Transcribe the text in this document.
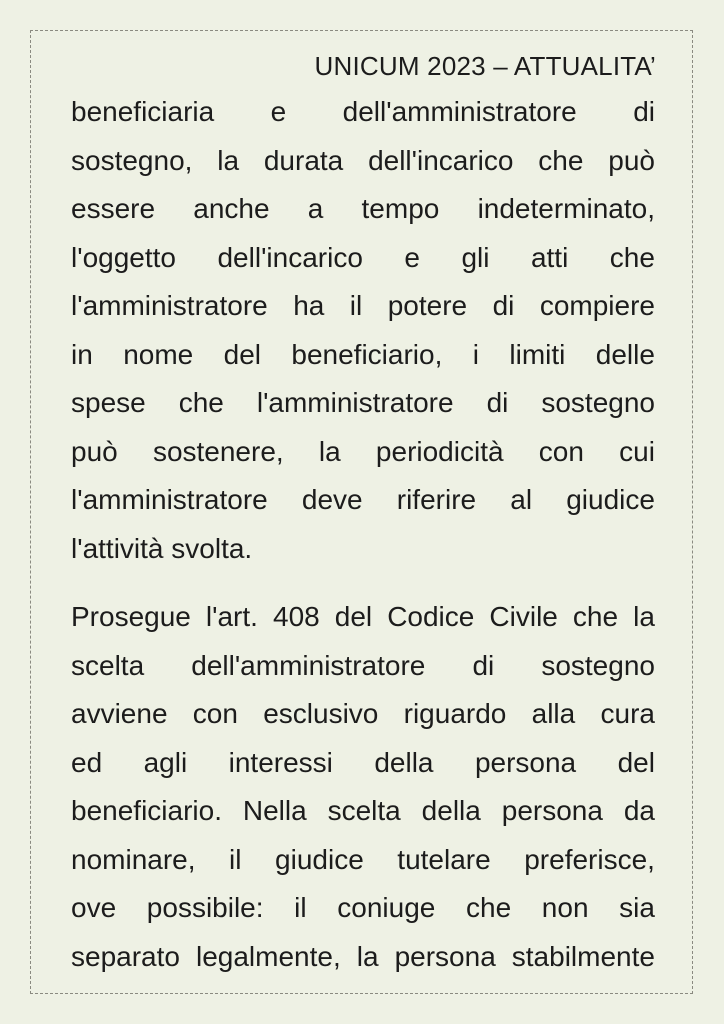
UNICUM 2023 – ATTUALITA’
beneficiaria e dell'amministratore di
sostegno, la durata dell'incarico che può
essere anche a tempo indeterminato,
l'oggetto dell'incarico e gli atti che
l'amministratore ha il potere di compiere
in nome del beneficiario, i limiti delle
spese che l'amministratore di sostegno
può sostenere, la periodicità con cui
l'amministratore deve riferire al giudice
l'attività svolta.
Prosegue l'art. 408 del Codice Civile che la
scelta dell'amministratore di sostegno
avviene con esclusivo riguardo alla cura
ed agli interessi della persona del
beneficiario. Nella scelta della persona da
nominare, il giudice tutelare preferisce,
ove possibile: il coniuge che non sia
separato legalmente, la persona stabilmente
